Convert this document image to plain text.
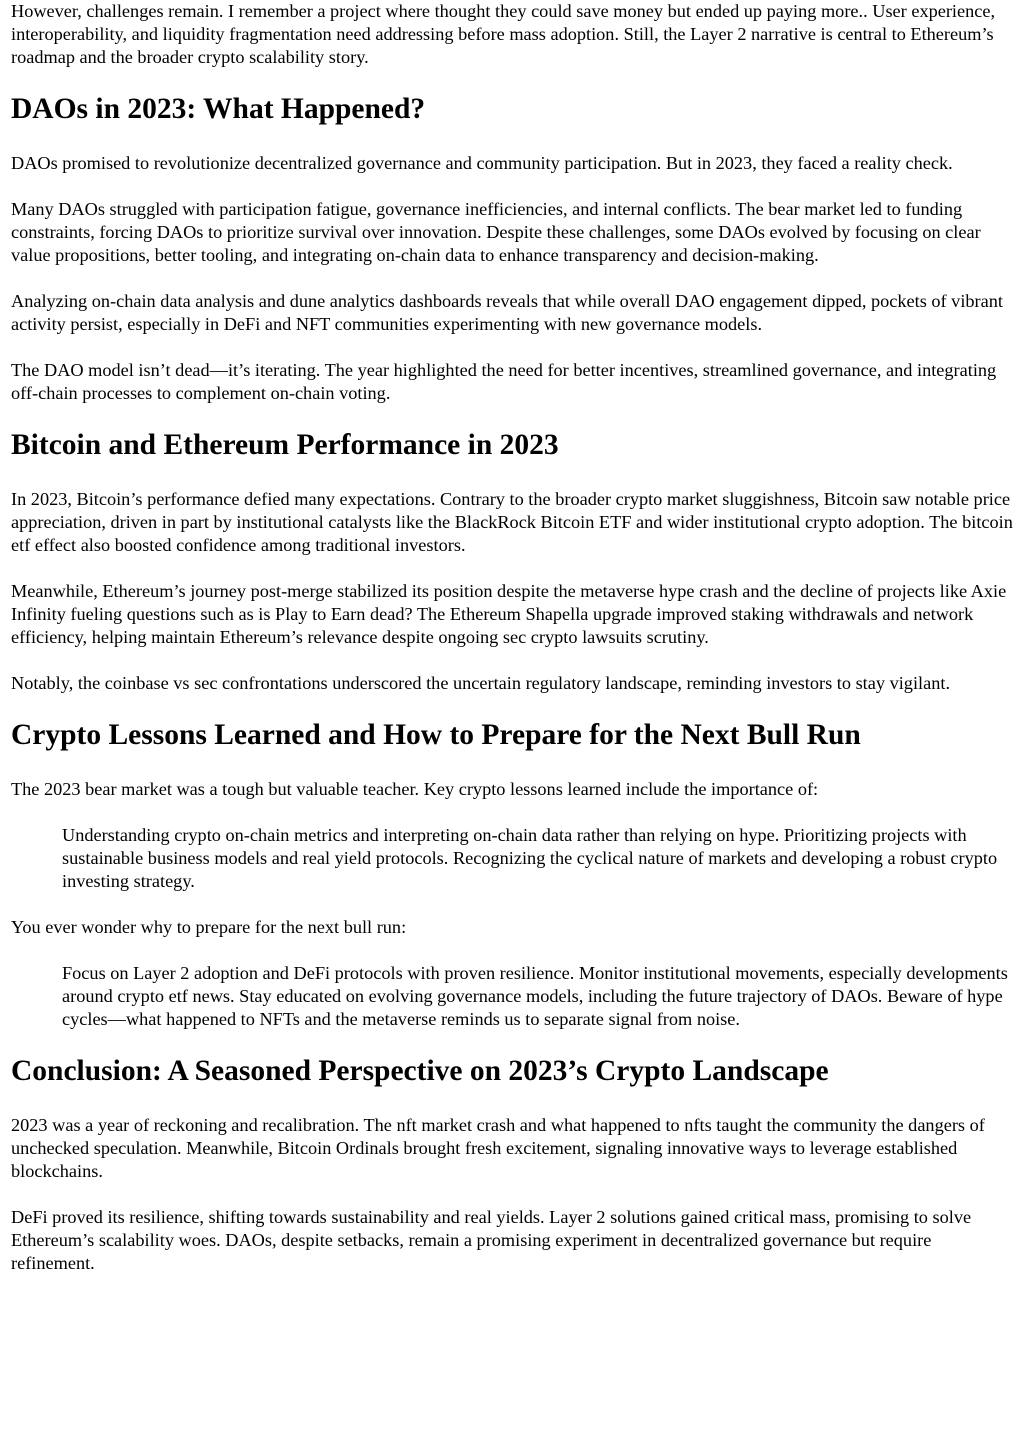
However, challenges remain. I remember a project where thought they could save money but ended up paying more.. User experience, interoperability, and liquidity fragmentation need addressing before mass adoption. Still, the Layer 2 narrative is central to Ethereum’s roadmap and the broader crypto scalability story.

DAOs in 2023: What Happened?

DAOs promised to revolutionize decentralized governance and community participation. But in 2023, they faced a reality check.

Many DAOs struggled with participation fatigue, governance inefficiencies, and internal conflicts. The bear market led to funding constraints, forcing DAOs to prioritize survival over innovation. Despite these challenges, some DAOs evolved by focusing on clear value propositions, better tooling, and integrating on-chain data to enhance transparency and decision-making.

Analyzing on-chain data analysis and dune analytics dashboards reveals that while overall DAO engagement dipped, pockets of vibrant activity persist, especially in DeFi and NFT communities experimenting with new governance models.

The DAO model isn’t dead—it’s iterating. The year highlighted the need for better incentives, streamlined governance, and integrating off-chain processes to complement on-chain voting.

Bitcoin and Ethereum Performance in 2023

In 2023, Bitcoin’s performance defied many expectations. Contrary to the broader crypto market sluggishness, Bitcoin saw notable price appreciation, driven in part by institutional catalysts like the BlackRock Bitcoin ETF and wider institutional crypto adoption. The bitcoin etf effect also boosted confidence among traditional investors.

Meanwhile, Ethereum’s journey post-merge stabilized its position despite the metaverse hype crash and the decline of projects like Axie Infinity fueling questions such as is Play to Earn dead? The Ethereum Shapella upgrade improved staking withdrawals and network efficiency, helping maintain Ethereum’s relevance despite ongoing sec crypto lawsuits scrutiny.

Notably, the coinbase vs sec confrontations underscored the uncertain regulatory landscape, reminding investors to stay vigilant.

Crypto Lessons Learned and How to Prepare for the Next Bull Run

The 2023 bear market was a tough but valuable teacher. Key crypto lessons learned include the importance of:

Understanding crypto on-chain metrics and interpreting on-chain data rather than relying on hype. Prioritizing projects with sustainable business models and real yield protocols. Recognizing the cyclical nature of markets and developing a robust crypto investing strategy.

You ever wonder why to prepare for the next bull run:

Focus on Layer 2 adoption and DeFi protocols with proven resilience. Monitor institutional movements, especially developments around crypto etf news. Stay educated on evolving governance models, including the future trajectory of DAOs. Beware of hype cycles—what happened to NFTs and the metaverse reminds us to separate signal from noise.
Conclusion: A Seasoned Perspective on 2023’s Crypto Landscape

2023 was a year of reckoning and recalibration. The nft market crash and what happened to nfts taught the community the dangers of unchecked speculation. Meanwhile, Bitcoin Ordinals brought fresh excitement, signaling innovative ways to leverage established blockchains.

DeFi proved its resilience, shifting towards sustainability and real yields. Layer 2 solutions gained critical mass, promising to solve Ethereum’s scalability woes. DAOs, despite setbacks, remain a promising experiment in decentralized governance but require refinement.
